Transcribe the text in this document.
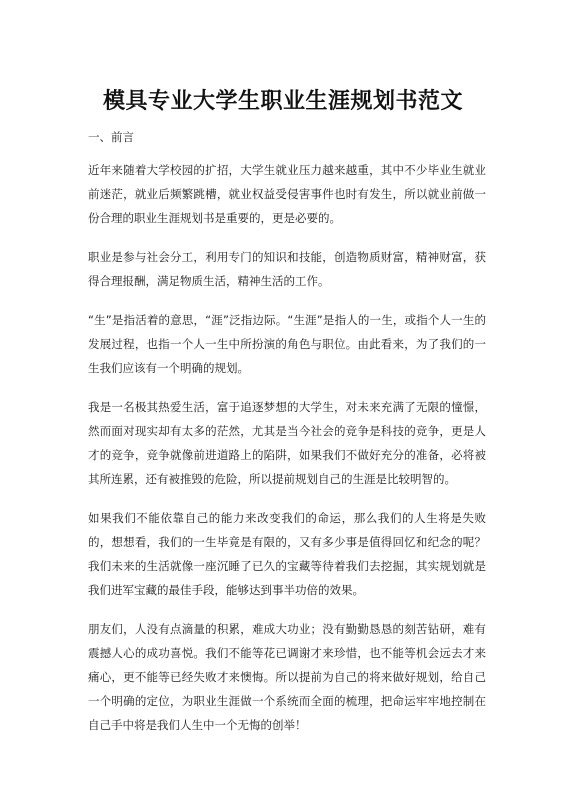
模具专业大学生职业生涯规划书范文

一、前言

近年来随着大学校园的扩招，大学生就业压力越来越重，其中不少毕业生就业前迷茫，就业后频繁跳槽，就业权益受侵害事件也时有发生，所以就业前做一份合理的职业生涯规划书是重要的，更是必要的。

职业是参与社会分工，利用专门的知识和技能，创造物质财富，精神财富，获得合理报酬，满足物质生活，精神生活的工作。

“生”是指活着的意思，“涯”泛指边际。“生涯”是指人的一生，或指个人一生的发展过程，也指一个人一生中所扮演的角色与职位。由此看来，为了我们的一生我们应该有一个明确的规划。

我是一名极其热爱生活，富于追逐梦想的大学生，对未来充满了无限的憧憬，然而面对现实却有太多的茫然，尤其是当今社会的竞争是科技的竞争，更是人才的竞争，竞争就像前进道路上的陷阱，如果我们不做好充分的准备，必将被其所连累，还有被推毁的危险，所以提前规划自己的生涯是比较明智的。

如果我们不能依靠自己的能力来改变我们的命运，那么我们的人生将是失败的，想想看，我们的一生毕竟是有限的，又有多少事是值得回忆和纪念的呢？我们未来的生活就像一座沉睡了已久的宝藏等待着我们去挖掘，其实规划就是我们进军宝藏的最佳手段，能够达到事半功倍的效果。

朋友们，人没有点滴量的积累，难成大功业；没有勤勤恳恳的刻苦钻研，难有震撼人心的成功喜悦。我们不能等花已调谢才来珍惜，也不能等机会远去才来痛心，更不能等已经失败才来懊悔。所以提前为自己的将来做好规划，给自己一个明确的定位，为职业生涯做一个系统而全面的梳理，把命运牢牢地控制在自己手中将是我们人生中一个无悔的创举！
